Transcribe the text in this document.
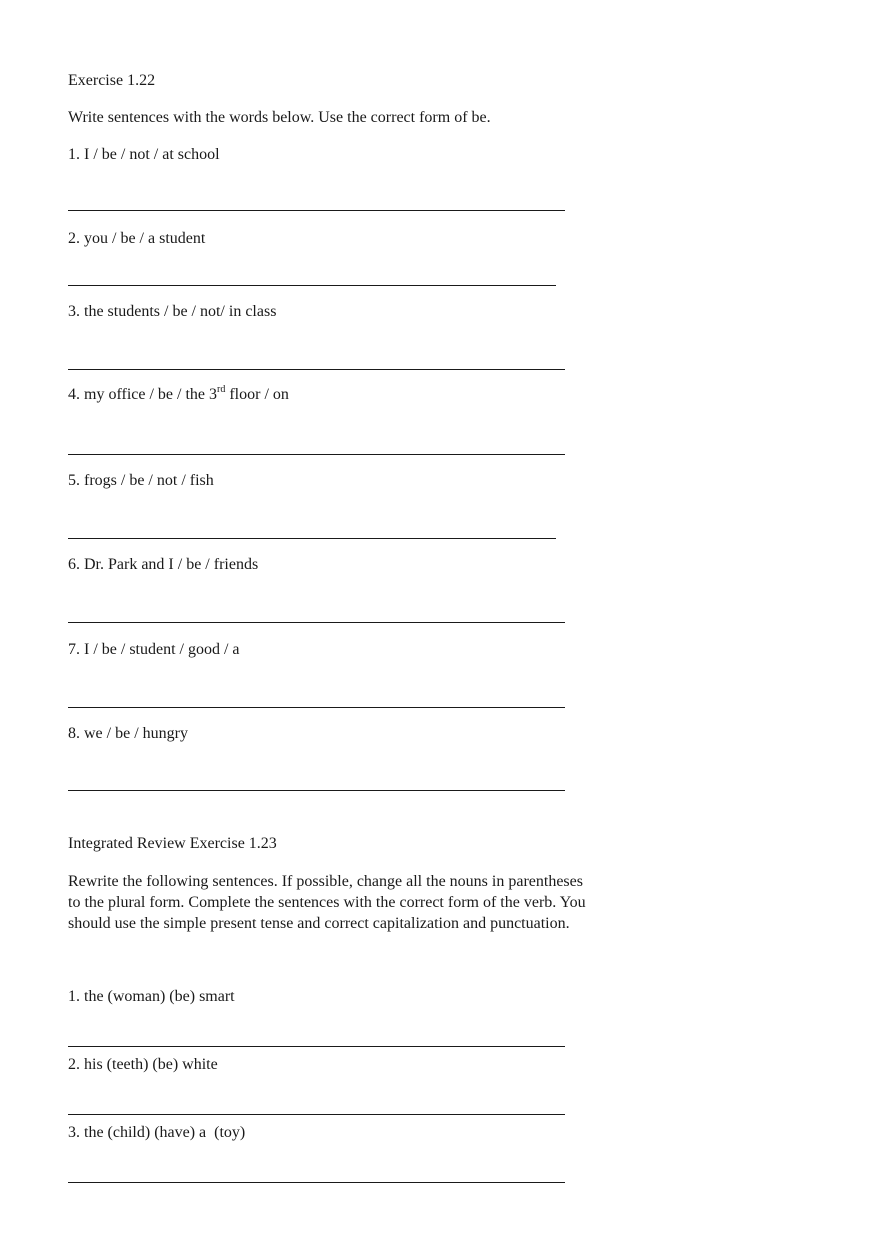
Exercise 1.22
Write sentences with the words below. Use the correct form of be.
1. I / be / not / at school
2. you / be / a student
3. the students / be / not/ in class
4. my office / be / the 3rd floor / on
5. frogs / be / not / fish
6. Dr. Park and I / be / friends
7. I / be / student / good / a
8. we / be / hungry
Integrated Review Exercise 1.23
Rewrite the following sentences. If possible, change all the nouns in parentheses
to the plural form. Complete the sentences with the correct form of the verb. You
should use the simple present tense and correct capitalization and punctuation.
1. the (woman) (be) smart
2. his (teeth) (be) white
3. the (child) (have) a  (toy)
